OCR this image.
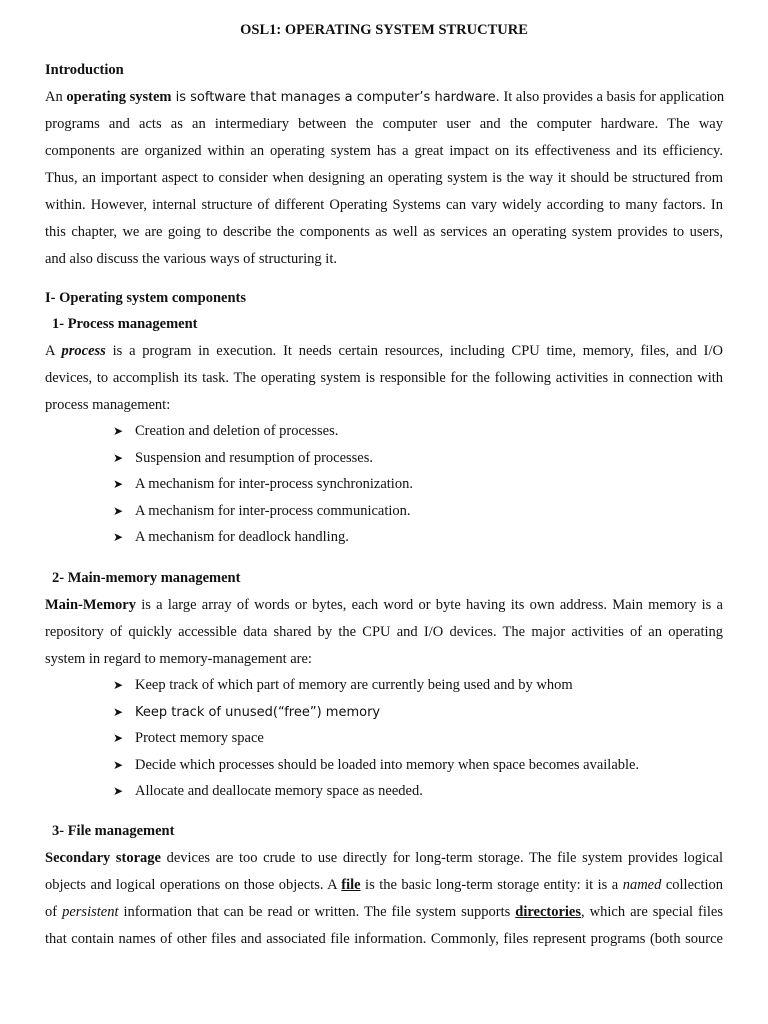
OSL1: OPERATING SYSTEM STRUCTURE
Introduction
An operating system is software that manages a computer’s hardware. It also provides a basis for application
programs and acts as an intermediary between the computer user and the computer hardware. The way
components are organized within an operating system has a great impact on its effectiveness and its efficiency.
Thus, an important aspect to consider when designing an operating system is the way it should be structured from
within. However, internal structure of different Operating Systems can vary widely according to many factors. In
this chapter, we are going to describe the components as well as services an operating system provides to users,
and also discuss the various ways of structuring it.
I- Operating system components
1- Process management
A process is a program in execution. It needs certain resources, including CPU time, memory, files, and I/O
devices, to accomplish its task. The operating system is responsible for the following activities in connection with
process management:
➤ Creation and deletion of processes.
➤ Suspension and resumption of processes.
➤ A mechanism for inter-process synchronization.
➤ A mechanism for inter-process communication.
➤ A mechanism for deadlock handling.
2- Main-memory management
Main-Memory is a large array of words or bytes, each word or byte having its own address. Main memory is a
repository of quickly accessible data shared by the CPU and I/O devices. The major activities of an operating
system in regard to memory-management are:
➤ Keep track of which part of memory are currently being used and by whom
➤ Keep track of unused(“free”) memory
➤ Protect memory space
➤ Decide which processes should be loaded into memory when space becomes available.
➤ Allocate and deallocate memory space as needed.
3- File management
Secondary storage devices are too crude to use directly for long-term storage. The file system provides logical
objects and logical operations on those objects. A file is the basic long-term storage entity: it is a named collection
of persistent information that can be read or written. The file system supports directories, which are special files
that contain names of other files and associated file information. Commonly, files represent programs (both source
